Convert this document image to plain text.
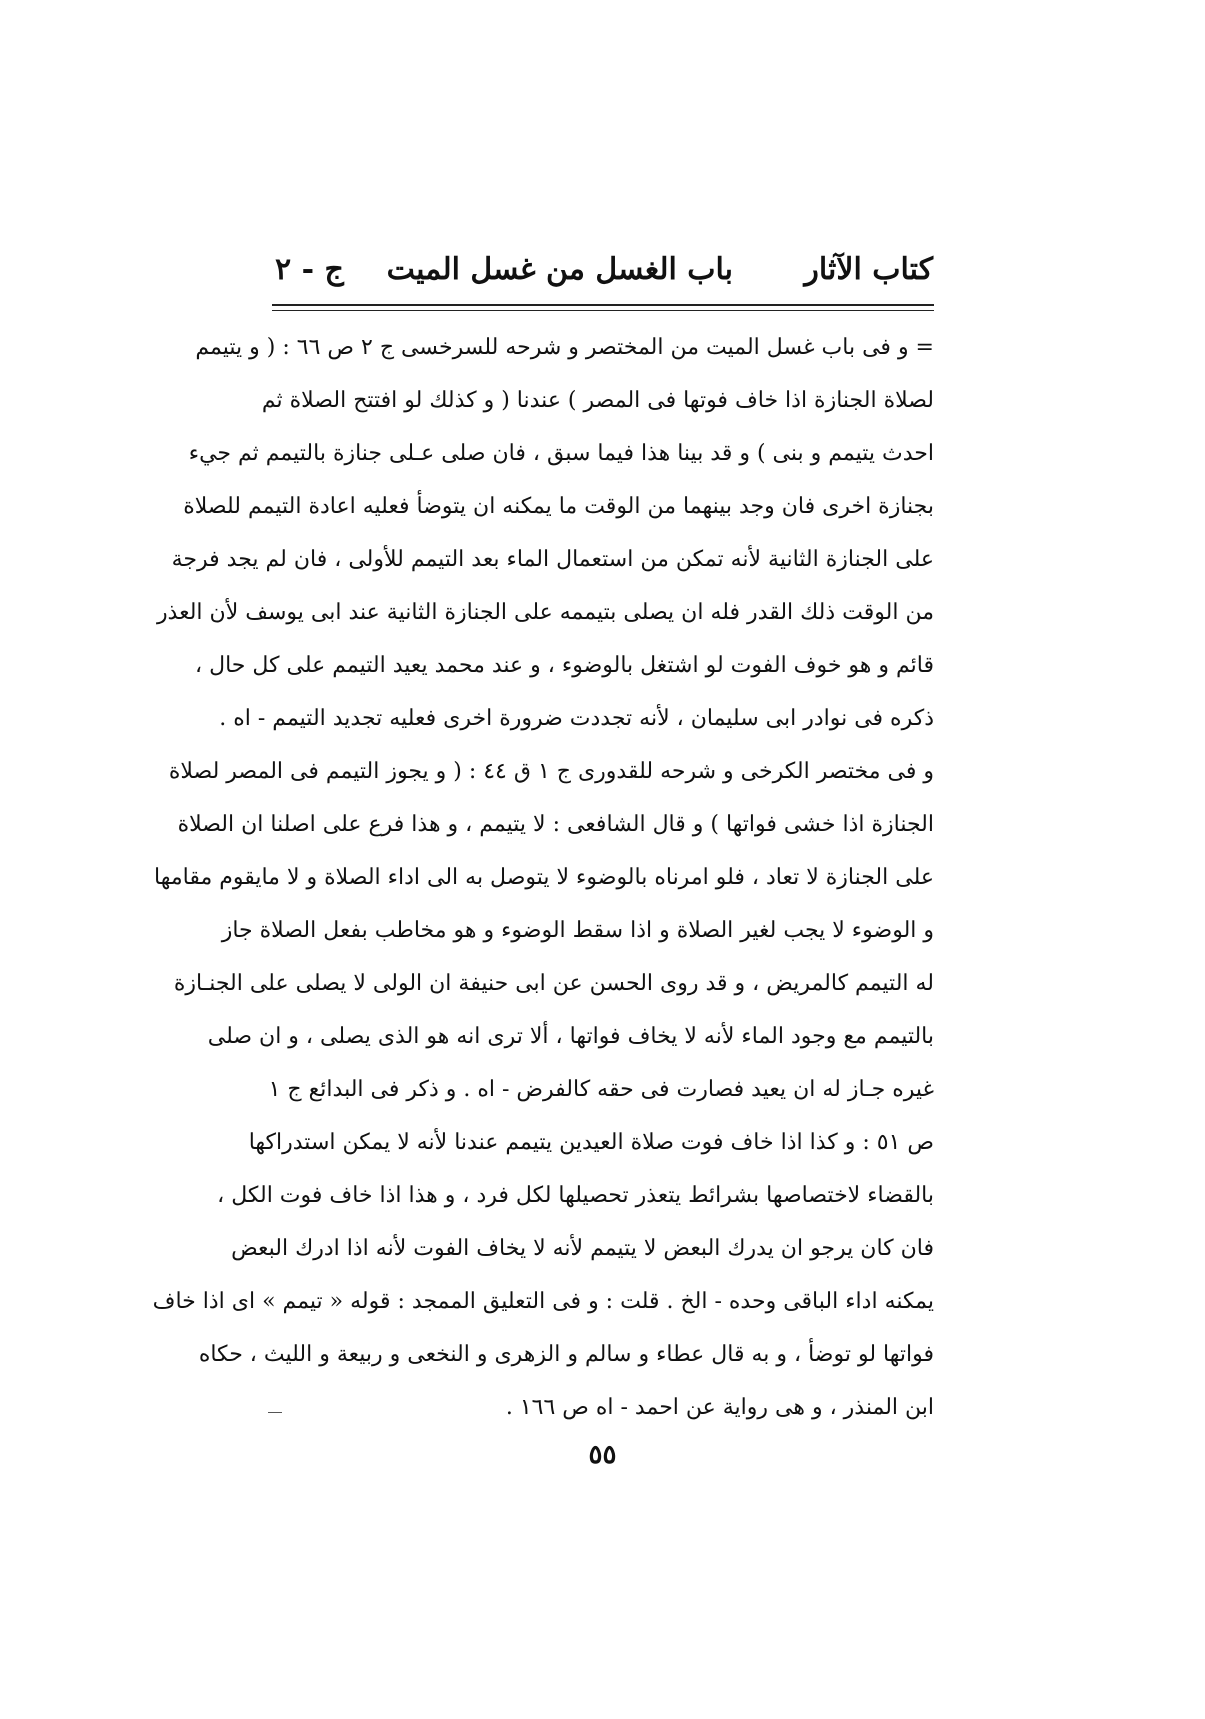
كتاب الآثار
باب الغسل من غسل الميت
ج - ٢
= و فى باب غسل الميت من المختصر و شرحه للسرخسى ج ٢ ص ٦٦ : ( و يتيمم
لصلاة الجنازة اذا خاف فوتها فى المصر ) عندنا ( و كذلك لو افتتح الصلاة ثم
احدث يتيمم و بنى ) و قد بينا هذا فيما سبق ، فان صلى عـلى جنازة بالتيمم ثم جيء
بجنازة اخرى فان وجد بينهما من الوقت ما يمكنه ان يتوضأ فعليه اعادة التيمم للصلاة
على الجنازة الثانية لأنه تمكن من استعمال الماء بعد التيمم للأولى ، فان لم يجد فرجة
من الوقت ذلك القدر فله ان يصلى بتيممه على الجنازة الثانية عند ابى يوسف لأن العذر
قائم و هو خوف الفوت لو اشتغل بالوضوء ، و عند محمد يعيد التيمم على كل حال ،
ذكره فى نوادر ابى سليمان ، لأنه تجددت ضرورة اخرى فعليه تجديد التيمم - اه .
و فى مختصر الكرخى و شرحه للقدورى ج ١ ق ٤٤ : ( و يجوز التيمم فى المصر لصلاة
الجنازة اذا خشى فواتها ) و قال الشافعى : لا يتيمم ، و هذا فرع على اصلنا ان الصلاة
على الجنازة لا تعاد ، فلو امرناه بالوضوء لا يتوصل به الى اداء الصلاة و لا مايقوم مقامها
و الوضوء لا يجب لغير الصلاة و اذا سقط الوضوء و هو مخاطب بفعل الصلاة جاز
له التيمم كالمريض ، و قد روى الحسن عن ابى حنيفة ان الولى لا يصلى على الجنـازة
بالتيمم مع وجود الماء لأنه لا يخاف فواتها ، ألا ترى انه هو الذى يصلى ، و ان صلى
غيره جـاز له ان يعيد فصارت فى حقه كالفرض - اه . و ذكر فى البدائع ج ١
ص ٥١ : و كذا اذا خاف فوت صلاة العيدين يتيمم عندنا لأنه لا يمكن استدراكها
بالقضاء لاختصاصها بشرائط يتعذر تحصيلها لكل فرد ، و هذا اذا خاف فوت الكل ،
فان كان يرجو ان يدرك البعض لا يتيمم لأنه لا يخاف الفوت لأنه اذا ادرك البعض
يمكنه اداء الباقى وحده - الخ . قلت : و فى التعليق الممجد : قوله « تيمم » اى اذا خاف
فواتها لو توضأ ، و به قال عطاء و سالم و الزهرى و النخعى و ربيعة و الليث ، حكاه
ابن المنذر ، و هى رواية عن احمد - اه ص ١٦٦ .
٥٥
